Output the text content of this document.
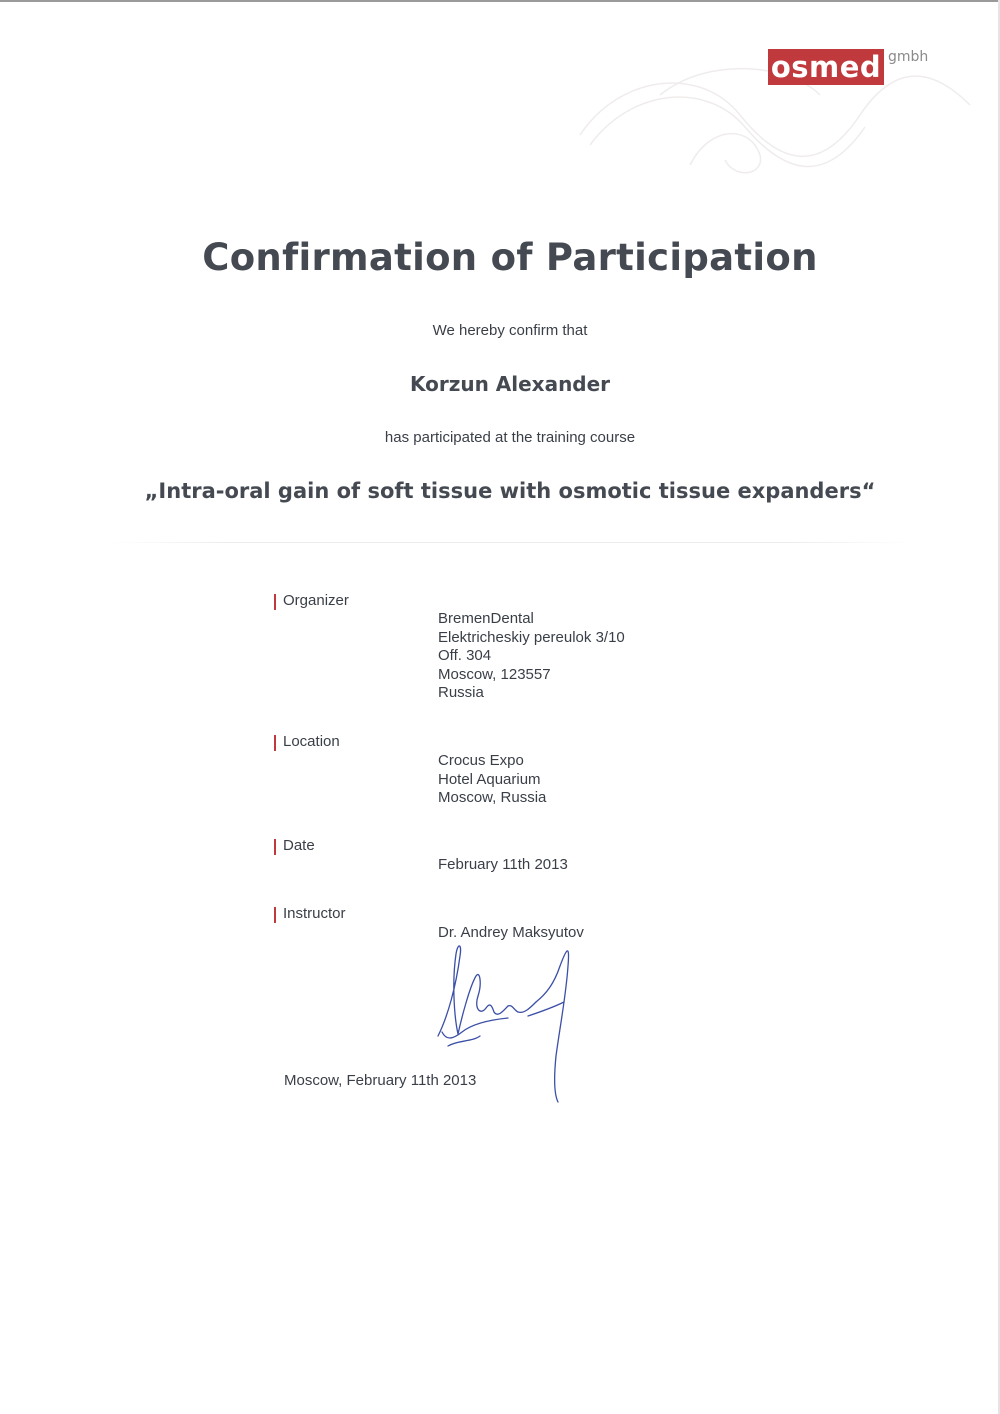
osmed gmbh
Confirmation of Participation
We hereby confirm that
Korzun Alexander
has participated at the training course
„Intra-oral gain of soft tissue with osmotic tissue expanders“
Organizer
BremenDental
Elektricheskiy pereulok 3/10
Off. 304
Moscow, 123557
Russia
Location
Crocus Expo
Hotel Aquarium
Moscow, Russia
Date
February 11th 2013
Instructor
Dr. Andrey Maksyutov
Moscow, February 11th 2013
